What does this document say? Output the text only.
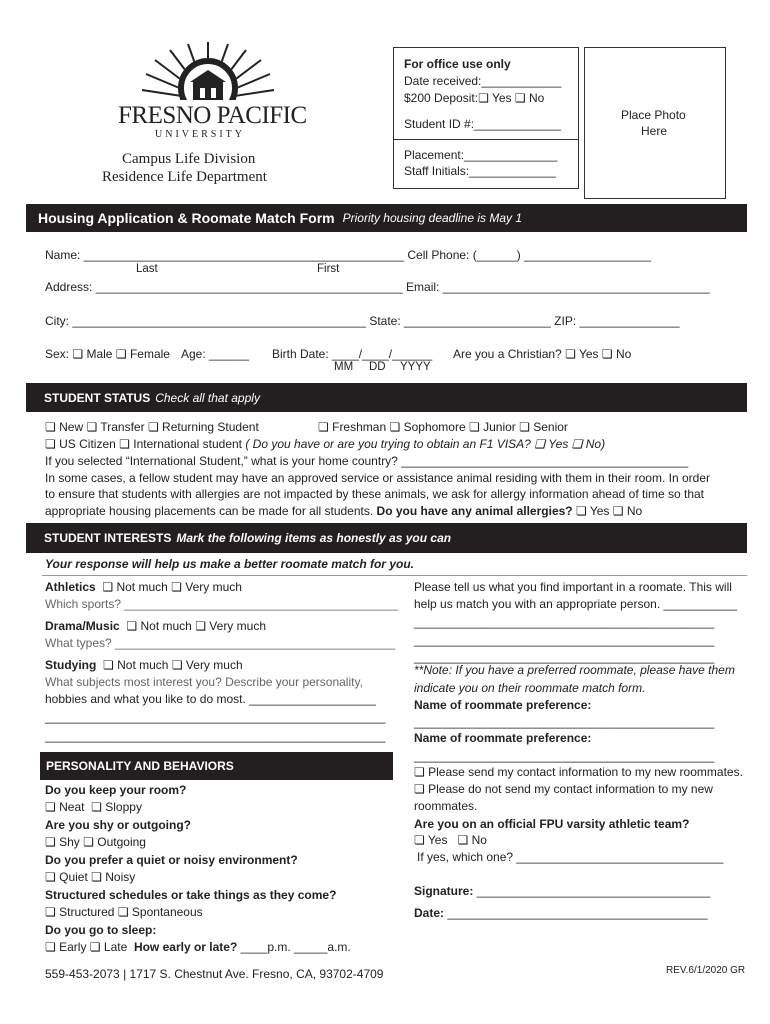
FRESNO PACIFIC
UNIVERSITY
Campus Life Division
Residence Life Department
For office use only
Date received:____________
$200 Deposit: ❏ Yes ❏ No
Student ID #:_____________
Placement:______________
Staff Initials:_____________
Place Photo
Here
Housing Application & Roomate Match Form Priority housing deadline is May 1
Name: ________________________________________________ Cell Phone: (______) ___________________
Last	First
Address: ______________________________________________ Email: ________________________________________
City: ____________________________________________ State: ______________________ ZIP: _______________
Sex: ❏ Male ❏ Female Age: ______ Birth Date: ____/____/______
MM DD YYYY
Are you a Christian? ❏ Yes ❏ No
STUDENT STATUS Check all that apply
❏ New ❏ Transfer ❏ Returning Student ❏	Freshman ❏ Sophomore ❏ Junior ❏ Senior
❏ US Citizen ❏ International student ( Do you have or are you trying to obtain an F1 VISA? ❏ Yes ❏ No)
If you selected “International Student,” what is your home country? ___________________________________________
In some cases, a fellow student may have an approved service or assistance animal residing with them in their room. In order
to ensure that students with allergies are not impacted by these animals, we ask for allergy information ahead of time so that
appropriate housing placements can be made for all students. Do you have any animal allergies? ❏ Yes ❏ No
STUDENT INTERESTS Mark the following items as honestly as you can
Your response will help us make a better roomate match for you.
Athletics ❏ Not much ❏ Very much
Which sports? _________________________________________
Drama/Music ❏ Not much ❏ Very much
What types? __________________________________________
Studying ❏ Not much ❏ Very much
What subjects most interest you? Describe your personality,
hobbies and what you like to do most. ___________________
___________________________________________________
___________________________________________________
PERSONALITY AND BEHAVIORS
Do you keep your room?
❏ Neat ❏ Sloppy
Are you shy or outgoing?
❏ Shy ❏ Outgoing
Do you prefer a quiet or noisy environment?
❏ Quiet ❏ Noisy
Structured schedules or take things as they come?
❏ Structured ❏ Spontaneous
Do you go to sleep:
❏ Early ❏ Late How early or late? ____p.m. _____a.m.
Please tell us what you find important in a roomate. This will
help us match you with an appropriate person. ___________
_____________________________________________
_____________________________________________
_____________________________________________
**Note: If you have a preferred roommate, please have them
indicate you on their roommate match form.
Name of roommate preference:
_____________________________________________
Name of roommate preference:
_____________________________________________
❏ Please send my contact information to my new roommates.
❏ Please do not send my contact information to my new
roommates.
Are you on an official FPU varsity athletic team?
❏ Yes ❏ No
If yes, which one? _______________________________
Signature: ___________________________________
Date: _______________________________________
559-453-2073 | 1717 S. Chestnut Ave. Fresno, CA, 93702-4709	REV.6/1/2020 GR
